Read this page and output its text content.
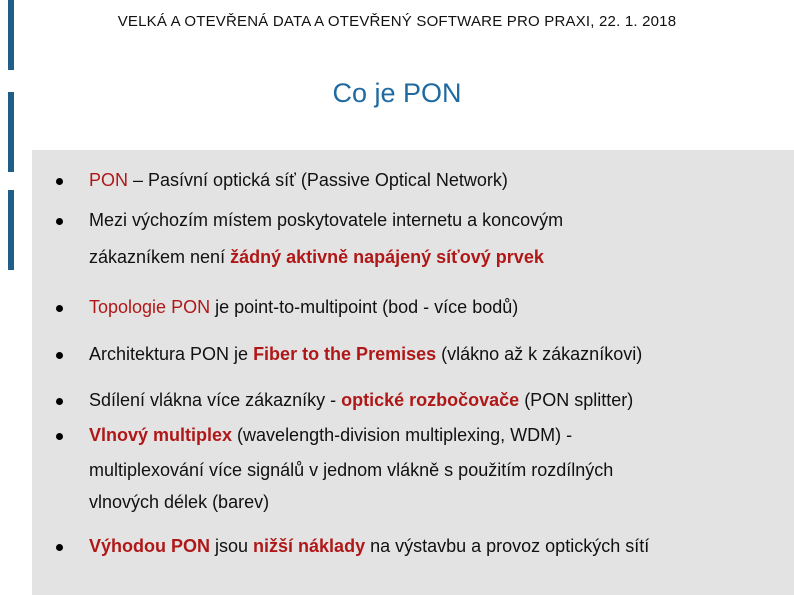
VELKÁ A OTEVŘENÁ DATA A OTEVŘENÝ SOFTWARE PRO PRAXI, 22. 1. 2018
Co je PON
PON – Pasívní optická síť (Passive Optical Network)
Mezi výchozím místem poskytovatele internetu a koncovým
zákazníkem není žádný aktivně napájený síťový prvek
Topologie PON je point-to-multipoint (bod - více bodů)
Architektura PON je Fiber to the Premises (vlákno až k zákazníkovi)
Sdílení vlákna více zákazníky - optické rozbočovače (PON splitter)
Vlnový multiplex (wavelength-division multiplexing, WDM) -
multiplexování více signálů v jednom vlákně s použitím rozdílných
vlnových délek (barev)
Výhodou PON jsou nižší náklady na výstavbu a provoz optických sítí
